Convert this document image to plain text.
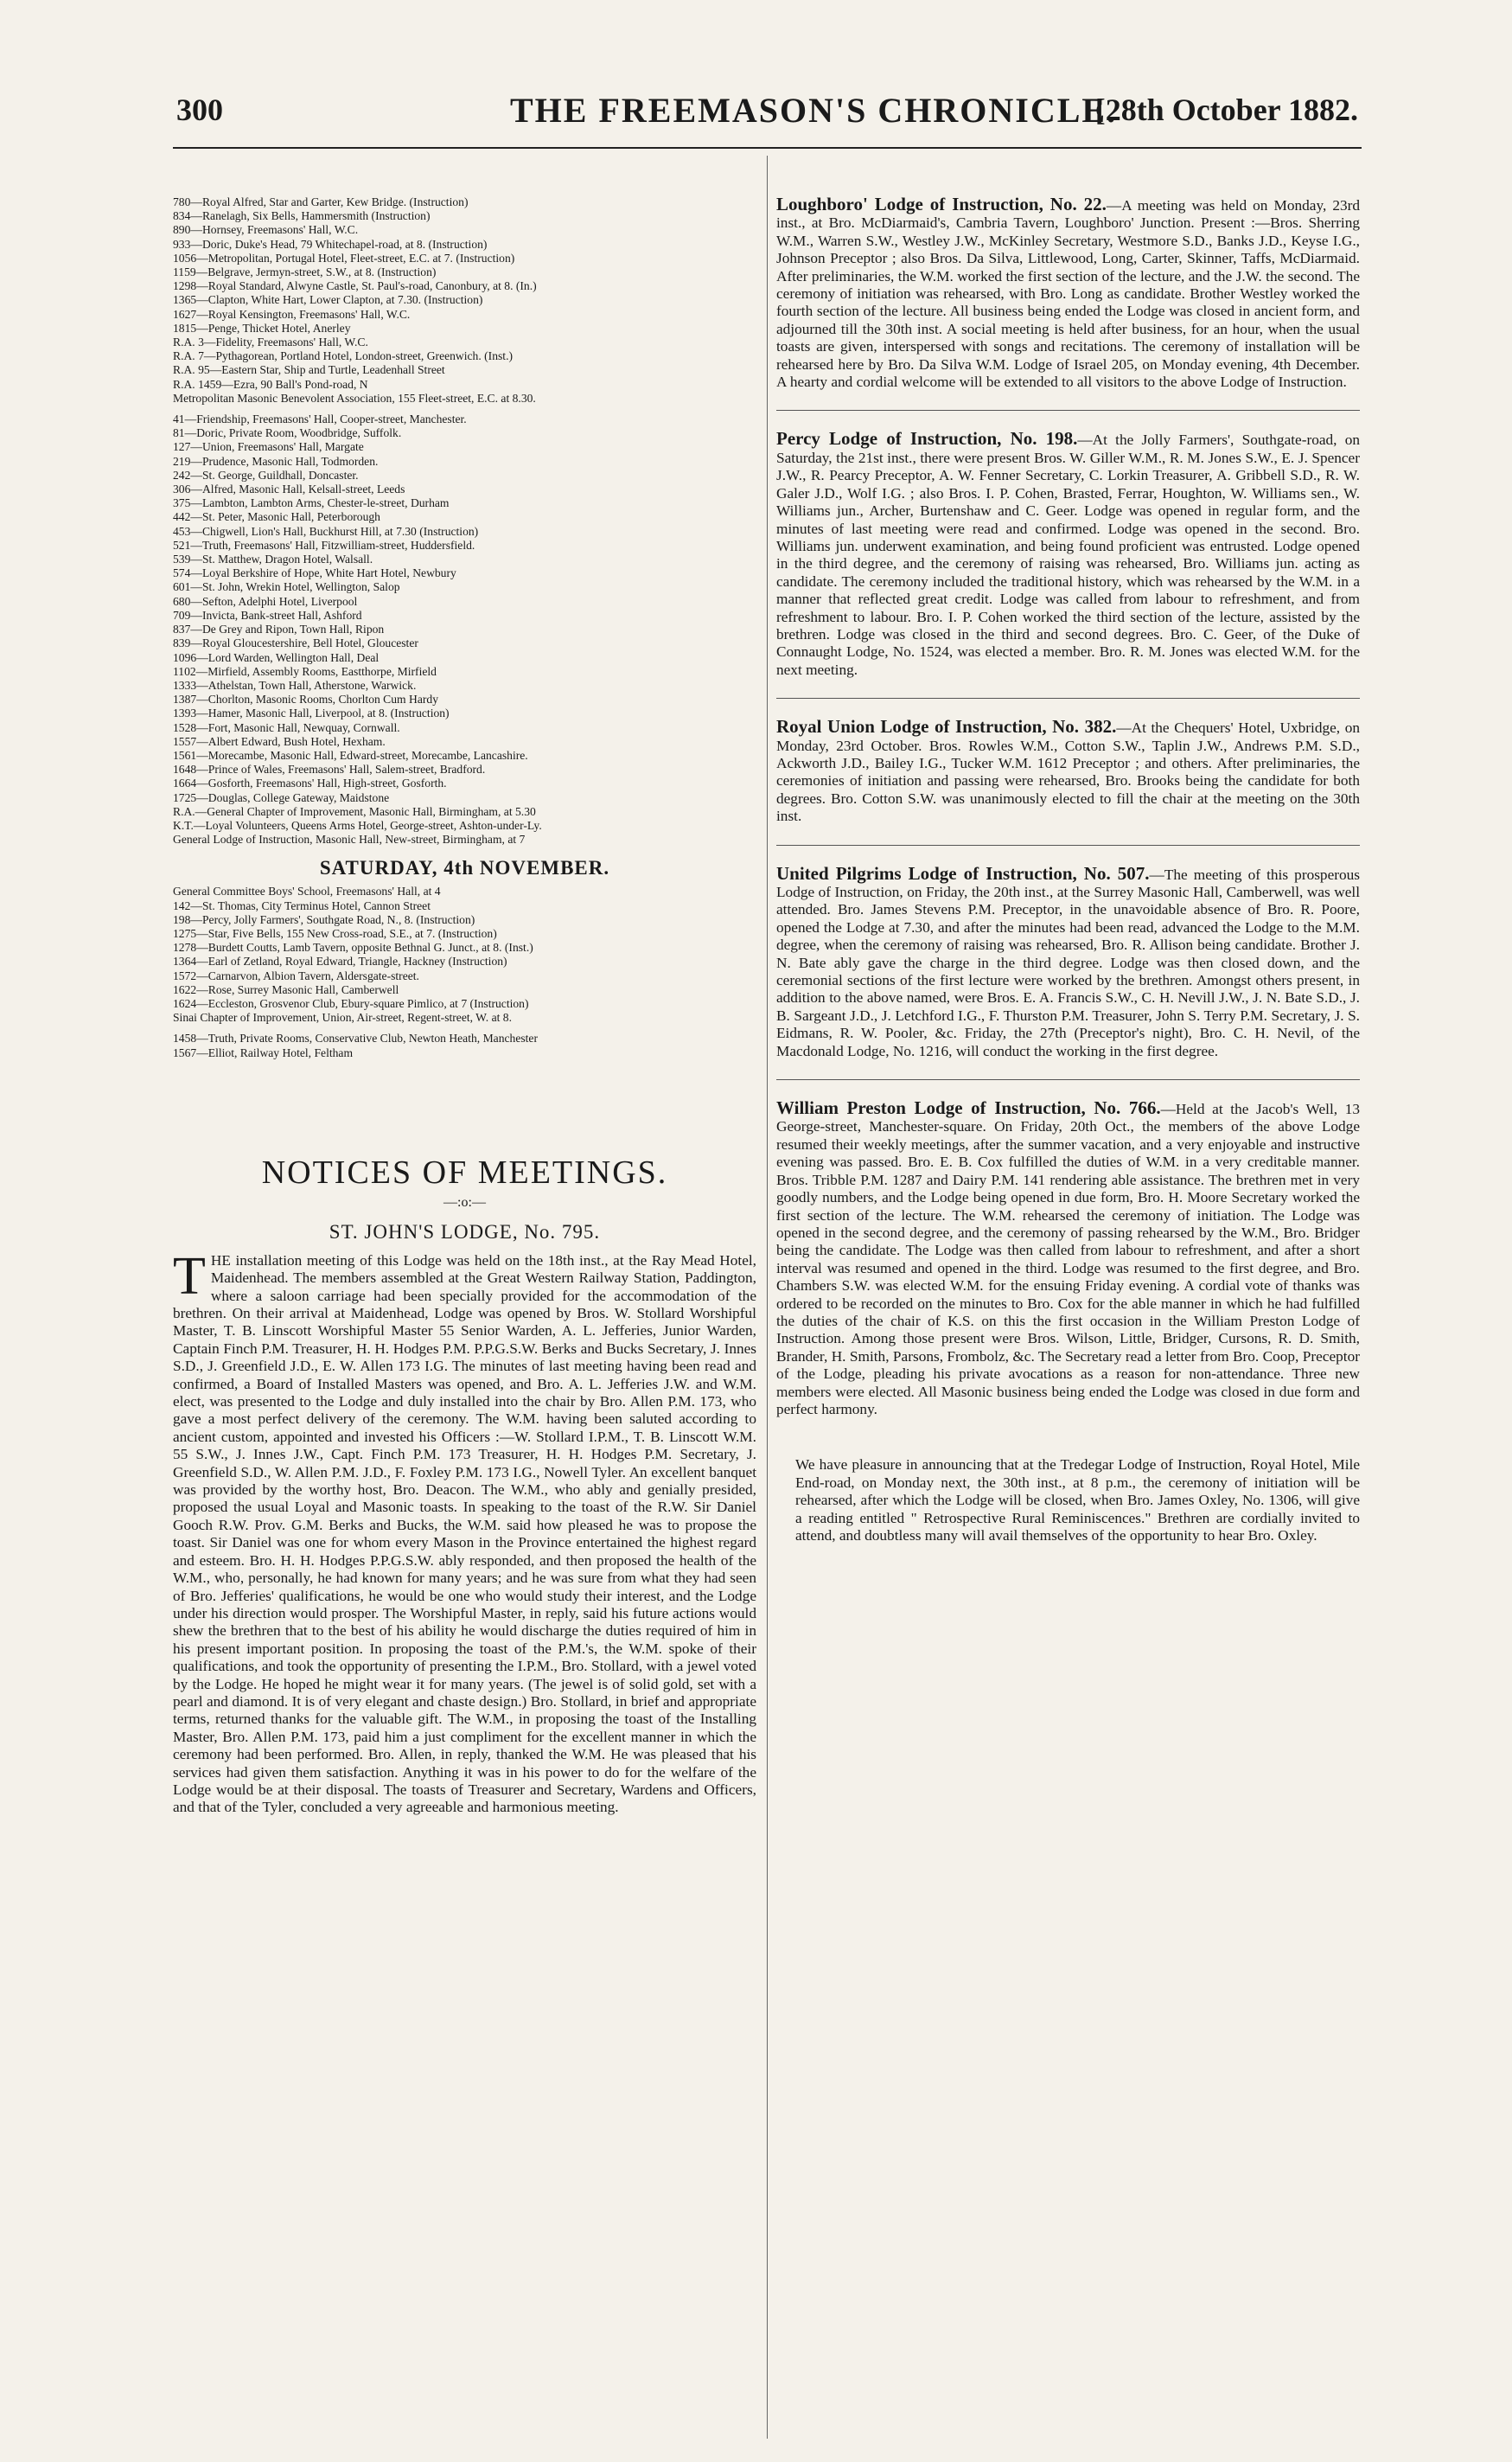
300	THE FREEMASON'S CHRONICLE.
[28th October 1882.
780—Royal Alfred, Star and Garter, Kew Bridge. (Instruction)
834—Ranelagh, Six Bells, Hammersmith (Instruction)
890—Hornsey, Freemasons' Hall, W.C.
933—Doric, Duke's Head, 79 Whitechapel-road, at 8. (Instruction)
1056—Metropolitan, Portugal Hotel, Fleet-street, E.C. at 7. (Instruction)
1159—Belgrave, Jermyn-street, S.W., at 8. (Instruction)
1298—Royal Standard, Alwyne Castle, St. Paul's-road, Canonbury, at 8. (In.)
1365—Clapton, White Hart, Lower Clapton, at 7.30. (Instruction)
1627—Royal Kensington, Freemasons' Hall, W.C.
1815—Penge, Thicket Hotel, Anerley
R.A. 3—Fidelity, Freemasons' Hall, W.C.
R.A. 7—Pythagorean, Portland Hotel, London-street, Greenwich. (Inst.)
R.A. 95—Eastern Star, Ship and Turtle, Leadenhall Street
R.A. 1459—Ezra, 90 Ball's Pond-road, N
Metropolitan Masonic Benevolent Association, 155 Fleet-street, E.C. at 8.30.
41—Friendship, Freemasons' Hall, Cooper-street, Manchester.
81—Doric, Private Room, Woodbridge, Suffolk.
127—Union, Freemasons' Hall, Margate
219—Prudence, Masonic Hall, Todmorden.
242—St. George, Guildhall, Doncaster.
306—Alfred, Masonic Hall, Kelsall-street, Leeds
375—Lambton, Lambton Arms, Chester-le-street, Durham
442—St. Peter, Masonic Hall, Peterborough
453—Chigwell, Lion's Hall, Buckhurst Hill, at 7.30 (Instruction)
521—Truth, Freemasons' Hall, Fitzwilliam-street, Huddersfield.
539—St. Matthew, Dragon Hotel, Walsall.
574—Loyal Berkshire of Hope, White Hart Hotel, Newbury
601—St. John, Wrekin Hotel, Wellington, Salop
680—Sefton, Adelphi Hotel, Liverpool
709—Invicta, Bank-street Hall, Ashford
837—De Grey and Ripon, Town Hall, Ripon
839—Royal Gloucestershire, Bell Hotel, Gloucester
1096—Lord Warden, Wellington Hall, Deal
1102—Mirfield, Assembly Rooms, Eastthorpe, Mirfield
1333—Athelstan, Town Hall, Atherstone, Warwick.
1387—Chorlton, Masonic Rooms, Chorlton Cum Hardy
1393—Hamer, Masonic Hall, Liverpool, at 8. (Instruction)
1528—Fort, Masonic Hall, Newquay, Cornwall.
1557—Albert Edward, Bush Hotel, Hexham.
1561—Morecambe, Masonic Hall, Edward-street, Morecambe, Lancashire.
1648—Prince of Wales, Freemasons' Hall, Salem-street, Bradford.
1664—Gosforth, Freemasons' Hall, High-street, Gosforth.
1725—Douglas, College Gateway, Maidstone
R.A.—General Chapter of Improvement, Masonic Hall, Birmingham, at 5.30
K.T.—Loyal Volunteers, Queens Arms Hotel, George-street, Ashton-under-Ly.
General Lodge of Instruction, Masonic Hall, New-street, Birmingham, at 7
SATURDAY, 4th NOVEMBER.
General Committee Boys' School, Freemasons' Hall, at 4
142—St. Thomas, City Terminus Hotel, Cannon Street
198—Percy, Jolly Farmers', Southgate Road, N., 8. (Instruction)
1275—Star, Five Bells, 155 New Cross-road, S.E., at 7. (Instruction)
1278—Burdett Coutts, Lamb Tavern, opposite Bethnal G. Junct., at 8. (Inst.)
1364—Earl of Zetland, Royal Edward, Triangle, Hackney (Instruction)
1572—Carnarvon, Albion Tavern, Aldersgate-street.
1622—Rose, Surrey Masonic Hall, Camberwell
1624—Eccleston, Grosvenor Club, Ebury-square Pimlico, at 7 (Instruction)
Sinai Chapter of Improvement, Union, Air-street, Regent-street, W. at 8.
1458—Truth, Private Rooms, Conservative Club, Newton Heath, Manchester
1567—Elliot, Railway Hotel, Feltham
NOTICES OF MEETINGS.
—:o:—
ST. JOHN'S LODGE, No. 795.

THE installation meeting of this Lodge was held on the 18th inst., at the Ray Mead Hotel, Maidenhead. The members assembled at the Great Western Railway Station, Paddington, where a saloon carriage had been specially provided for the accommodation of the brethren. On their arrival at Maidenhead, Lodge was opened by Bros. W. Stollard Worshipful Master, T. B. Linscott Worshipful Master 55 Senior Warden, A. L. Jefferies, Junior Warden, Captain Finch P.M. Treasurer, H. H. Hodges P.M. P.P.G.S.W. Berks and Bucks Secretary, J. Innes S.D., J. Greenfield J.D., E. W. Allen 173 I.G. The minutes of last meeting having been read and confirmed, a Board of Installed Masters was opened, and Bro. A. L. Jefferies J.W. and W.M. elect, was presented to the Lodge and duly installed into the chair by Bro. Allen P.M. 173, who gave a most perfect delivery of the ceremony. The W.M. having been saluted according to ancient custom, appointed and invested his Officers :—W. Stollard I.P.M., T. B. Linscott W.M. 55 S.W., J. Innes J.W., Capt. Finch P.M. 173 Treasurer, H. H. Hodges P.M. Secretary, J. Greenfield S.D., W. Allen P.M. J.D., F. Foxley P.M. 173 I.G., Nowell Tyler. An excellent banquet was provided by the worthy host, Bro. Deacon. The W.M., who ably and genially presided, proposed the usual Loyal and Masonic toasts. In speaking to the toast of the R.W. Sir Daniel Gooch R.W. Prov. G.M. Berks and Bucks, the W.M. said how pleased he was to propose the toast. Sir Daniel was one for whom every Mason in the Province entertained the highest regard and esteem. Bro. H. H. Hodges P.P.G.S.W. ably responded, and then proposed the health of the W.M., who, personally, he had known for many years; and he was sure from what they had seen of Bro. Jefferies' qualifications, he would be one who would study their interest, and the Lodge under his direction would prosper. The Worshipful Master, in reply, said his future actions would shew the brethren that to the best of his ability he would discharge the duties required of him in his present important position. In proposing the toast of the P.M.'s, the W.M. spoke of their qualifications, and took the opportunity of presenting the I.P.M., Bro. Stollard, with a jewel voted by the Lodge. He hoped he might wear it for many years. (The jewel is of solid gold, set with a pearl and diamond. It is of very elegant and chaste design.) Bro. Stollard, in brief and appropriate terms, returned thanks for the valuable gift. The W.M., in proposing the toast of the Installing Master, Bro. Allen P.M. 173, paid him a just compliment for the excellent manner in which the ceremony had been performed. Bro. Allen, in reply, thanked the W.M. He was pleased that his services had given them satisfaction. Anything it was in his power to do for the welfare of the Lodge would be at their disposal. The toasts of Treasurer and Secretary, Wardens and Officers, and that of the Tyler, concluded a very agreeable and harmonious meeting.

Loughboro' Lodge of Instruction, No. 22.—A meeting was held on Monday, 23rd inst., at Bro. McDiarmaid's, Cambria Tavern, Loughboro' Junction. Present :—Bros. Sherring W.M., Warren S.W., Westley J.W., McKinley Secretary, Westmore S.D., Banks J.D., Keyse I.G., Johnson Preceptor ; also Bros. Da Silva, Littlewood, Long, Carter, Skinner, Taffs, McDiarmaid. After preliminaries, the W.M. worked the first section of the lecture, and the J.W. the second. The ceremony of initiation was rehearsed, with Bro. Long as candidate. Brother Westley worked the fourth section of the lecture. All business being ended the Lodge was closed in ancient form, and adjourned till the 30th inst. A social meeting is held after business, for an hour, when the usual toasts are given, interspersed with songs and recitations. The ceremony of installation will be rehearsed here by Bro. Da Silva W.M. Lodge of Israel 205, on Monday evening, 4th December. A hearty and cordial welcome will be extended to all visitors to the above Lodge of Instruction.
Percy Lodge of Instruction, No. 198.—At the Jolly Farmers', Southgate-road, on Saturday, the 21st inst., there were present Bros. W. Giller W.M., R. M. Jones S.W., E. J. Spencer J.W., R. Pearcy Preceptor, A. W. Fenner Secretary, C. Lorkin Treasurer, A. Gribbell S.D., R. W. Galer J.D., Wolf I.G. ; also Bros. I. P. Cohen, Brasted, Ferrar, Houghton, W. Williams sen., W. Williams jun., Archer, Burtenshaw and C. Geer. Lodge was opened in regular form, and the minutes of last meeting were read and confirmed. Lodge was opened in the second. Bro. Williams jun. underwent examination, and being found proficient was entrusted. Lodge opened in the third degree, and the ceremony of raising was rehearsed, Bro. Williams jun. acting as candidate. The ceremony included the traditional history, which was rehearsed by the W.M. in a manner that reflected great credit. Lodge was called from labour to refreshment, and from refreshment to labour. Bro. I. P. Cohen worked the third section of the lecture, assisted by the brethren. Lodge was closed in the third and second degrees. Bro. C. Geer, of the Duke of Connaught Lodge, No. 1524, was elected a member. Bro. R. M. Jones was elected W.M. for the next meeting.
Royal Union Lodge of Instruction, No. 382.—At the Chequers' Hotel, Uxbridge, on Monday, 23rd October. Bros. Rowles W.M., Cotton S.W., Taplin J.W., Andrews P.M. S.D., Ackworth J.D., Bailey I.G., Tucker W.M. 1612 Preceptor ; and others. After preliminaries, the ceremonies of initiation and passing were rehearsed, Bro. Brooks being the candidate for both degrees. Bro. Cotton S.W. was unanimously elected to fill the chair at the meeting on the 30th inst.
United Pilgrims Lodge of Instruction, No. 507.—The meeting of this prosperous Lodge of Instruction, on Friday, the 20th inst., at the Surrey Masonic Hall, Camberwell, was well attended. Bro. James Stevens P.M. Preceptor, in the unavoidable absence of Bro. R. Poore, opened the Lodge at 7.30, and after the minutes had been read, advanced the Lodge to the M.M. degree, when the ceremony of raising was rehearsed, Bro. R. Allison being candidate. Brother J. N. Bate ably gave the charge in the third degree. Lodge was then closed down, and the ceremonial sections of the first lecture were worked by the brethren. Amongst others present, in addition to the above named, were Bros. E. A. Francis S.W., C. H. Nevill J.W., J. N. Bate S.D., J. B. Sargeant J.D., J. Letchford I.G., F. Thurston P.M. Treasurer, John S. Terry P.M. Secretary, J. S. Eidmans, R. W. Pooler, &c. Friday, the 27th (Preceptor's night), Bro. C. H. Nevil, of the Macdonald Lodge, No. 1216, will conduct the working in the first degree.
William Preston Lodge of Instruction, No. 766.—Held at the Jacob's Well, 13 George-street, Manchester-square. On Friday, 20th Oct., the members of the above Lodge resumed their weekly meetings, after the summer vacation, and a very enjoyable and instructive evening was passed. Bro. E. B. Cox fulfilled the duties of W.M. in a very creditable manner. Bros. Tribble P.M. 1287 and Dairy P.M. 141 rendering able assistance. The brethren met in very goodly numbers, and the Lodge being opened in due form, Bro. H. Moore Secretary worked the first section of the lecture. The W.M. rehearsed the ceremony of initiation. The Lodge was opened in the second degree, and the ceremony of passing rehearsed by the W.M., Bro. Bridger being the candidate. The Lodge was then called from labour to refreshment, and after a short interval was resumed and opened in the third. Lodge was resumed to the first degree, and Bro. Chambers S.W. was elected W.M. for the ensuing Friday evening. A cordial vote of thanks was ordered to be recorded on the minutes to Bro. Cox for the able manner in which he had fulfilled the duties of the chair of K.S. on this the first occasion in the William Preston Lodge of Instruction. Among those present were Bros. Wilson, Little, Bridger, Cursons, R. D. Smith, Brander, H. Smith, Parsons, Frombolz, &c. The Secretary read a letter from Bro. Coop, Preceptor of the Lodge, pleading his private avocations as a reason for non-attendance. Three new members were elected. All Masonic business being ended the Lodge was closed in due form and perfect harmony.
We have pleasure in announcing that at the Tredegar Lodge of Instruction, Royal Hotel, Mile End-road, on Monday next, the 30th inst., at 8 p.m., the ceremony of initiation will be rehearsed, after which the Lodge will be closed, when Bro. James Oxley, No. 1306, will give a reading entitled " Retrospective Rural Reminiscences." Brethren are cordially invited to attend, and doubtless many will avail themselves of the opportunity to hear Bro. Oxley.
